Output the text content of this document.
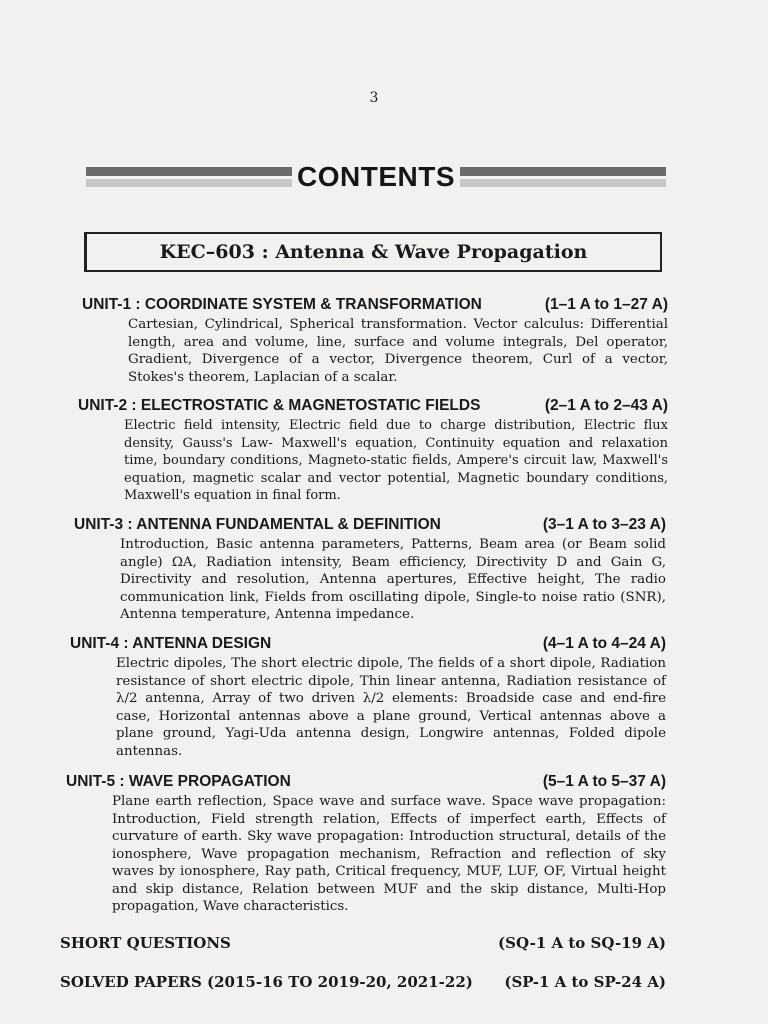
3
CONTENTS
KEC–603 : Antenna & Wave Propagation
UNIT-1 : COORDINATE SYSTEM & TRANSFORMATION	(1–1 A to 1–27 A)
Cartesian, Cylindrical, Spherical transformation. Vector calculus: Differential length, area and volume, line, surface and volume integrals, Del operator, Gradient, Divergence of a vector, Divergence theorem, Curl of a vector, Stokes's theorem, Laplacian of a scalar.
UNIT-2 : ELECTROSTATIC & MAGNETOSTATIC FIELDS	(2–1 A to 2–43 A)
Electric field intensity, Electric field due to charge distribution, Electric flux density, Gauss's Law- Maxwell's equation, Continuity equation and relaxation time, boundary conditions, Magneto-static fields, Ampere's circuit law, Maxwell's equation, magnetic scalar and vector potential, Magnetic boundary conditions, Maxwell's equation in final form.
UNIT-3 : ANTENNA FUNDAMENTAL & DEFINITION	(3–1 A to 3–23 A)
Introduction, Basic antenna parameters, Patterns, Beam area (or Beam solid angle) ΩA, Radiation intensity, Beam efficiency, Directivity D and Gain G, Directivity and resolution, Antenna apertures, Effective height, The radio communication link, Fields from oscillating dipole, Single-to noise ratio (SNR), Antenna temperature, Antenna impedance.
UNIT-4 : ANTENNA DESIGN	(4–1 A to 4–24 A)
Electric dipoles, The short electric dipole, The fields of a short dipole, Radiation resistance of short electric dipole, Thin linear antenna, Radiation resistance of λ/2 antenna, Array of two driven λ/2 elements: Broadside case and end-fire case, Horizontal antennas above a plane ground, Vertical antennas above a plane ground, Yagi-Uda antenna design, Longwire antennas, Folded dipole antennas.
UNIT-5 : WAVE PROPAGATION	(5–1 A to 5–37 A)
Plane earth reflection, Space wave and surface wave. Space wave propagation: Introduction, Field strength relation, Effects of imperfect earth, Effects of curvature of earth. Sky wave propagation: Introduction structural, details of the ionosphere, Wave propagation mechanism, Refraction and reflection of sky waves by ionosphere, Ray path, Critical frequency, MUF, LUF, OF, Virtual height and skip distance, Relation between MUF and the skip distance, Multi-Hop propagation, Wave characteristics.
SHORT QUESTIONS	(SQ-1 A to SQ-19 A)
SOLVED PAPERS (2015-16 TO 2019-20, 2021-22) (SP-1 A to SP-24 A)
